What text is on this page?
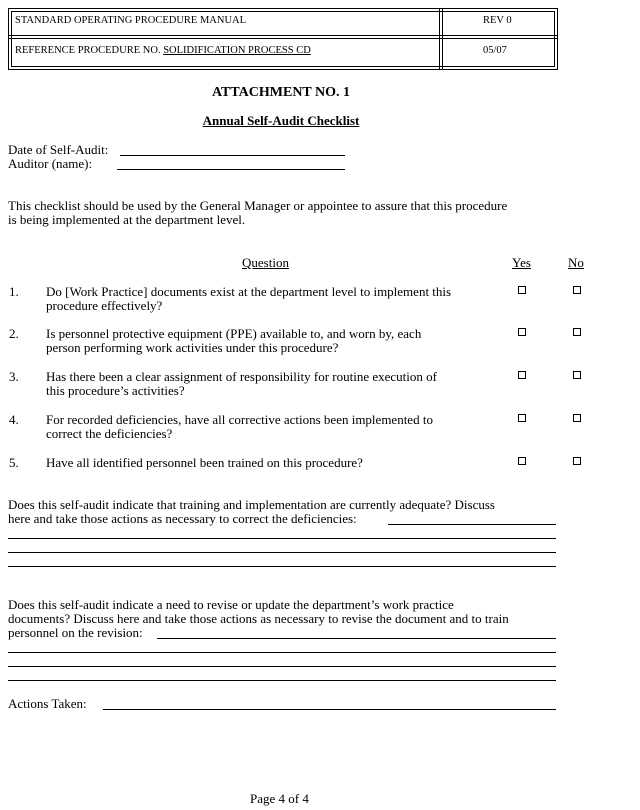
STANDARD OPERATING PROCEDURE MANUAL	REV 0
REFERENCE PROCEDURE NO. SOLIDIFICATION PROCESS CD	05/07
ATTACHMENT NO. 1
Annual Self-Audit Checklist
Date of Self-Audit:
Auditor (name):
This checklist should be used by the General Manager or appointee to assure that this procedure
is being implemented at the department level.
Question	Yes	No
1. Do [Work Practice] documents exist at the department level to implement this
procedure effectively?
2. Is personnel protective equipment (PPE) available to, and worn by, each
person performing work activities under this procedure?
3. Has there been a clear assignment of responsibility for routine execution of
this procedure’s activities?
4. For recorded deficiencies, have all corrective actions been implemented to
correct the deficiencies?
5. Have all identified personnel been trained on this procedure?
Does this self-audit indicate that training and implementation are currently adequate? Discuss
here and take those actions as necessary to correct the deficiencies:
Does this self-audit indicate a need to revise or update the department’s work practice
documents? Discuss here and take those actions as necessary to revise the document and to train
personnel on the revision:
Actions Taken:
Page 4 of 4
